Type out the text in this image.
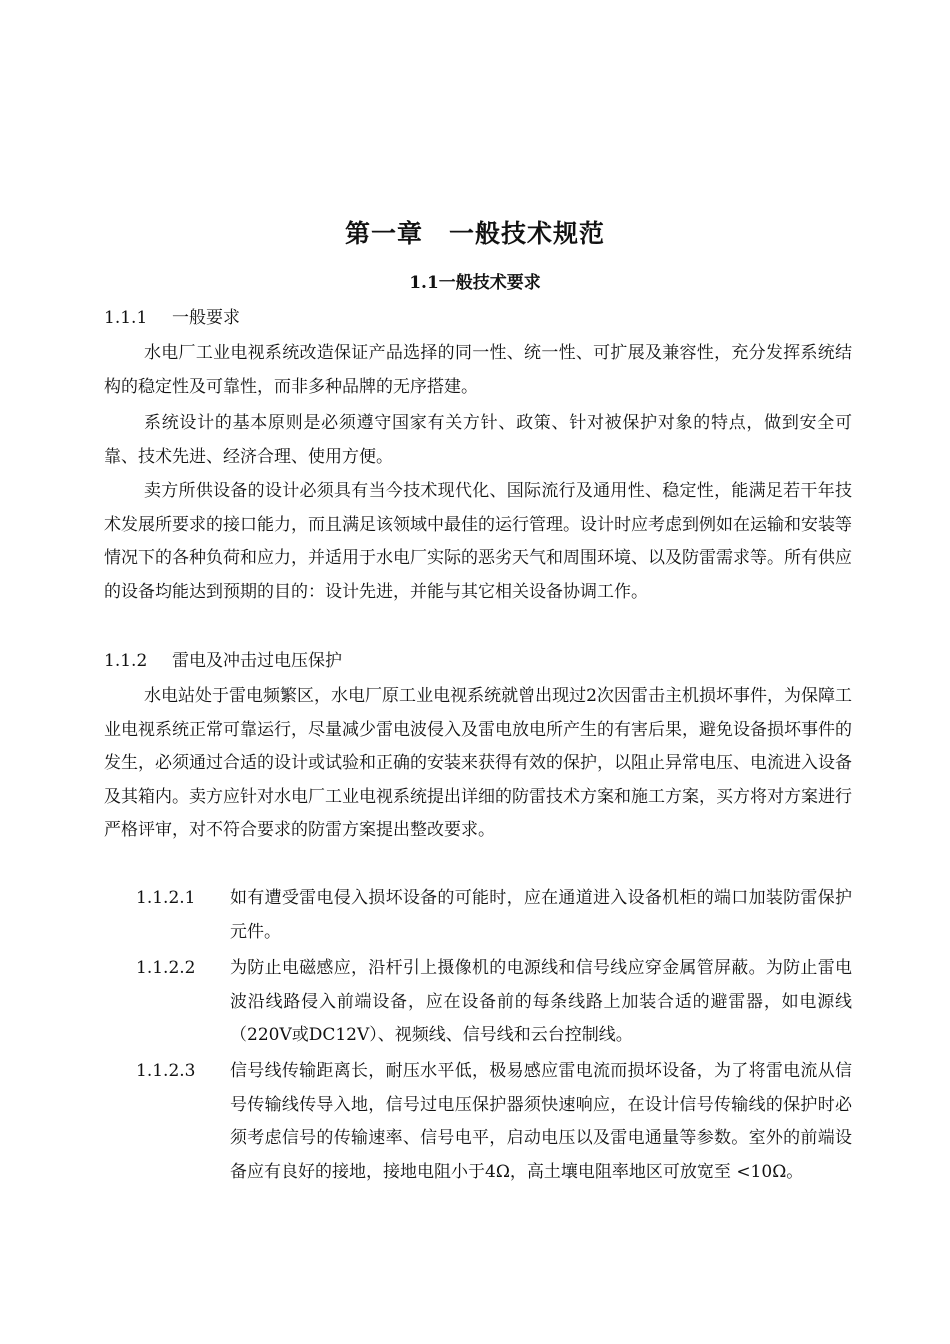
第一章　一般技术规范
1.1一般技术要求
1.1.1 一般要求

水电厂工业电视系统改造保证产品选择的同一性、统一性、可扩展及兼容性，充分发挥系统结构的稳定性及可靠性，而非多种品牌的无序搭建。

系统设计的基本原则是必须遵守国家有关方针、政策、针对被保护对象的特点，做到安全可靠、技术先进、经济合理、使用方便。

卖方所供设备的设计必须具有当今技术现代化、国际流行及通用性、稳定性，能满足若干年技术发展所要求的接口能力，而且满足该领域中最佳的运行管理。设计时应考虑到例如在运输和安装等情况下的各种负荷和应力，并适用于水电厂实际的恶劣天气和周围环境、以及防雷需求等。所有供应的设备均能达到预期的目的：设计先进，并能与其它相关设备协调工作。

1.1.2 雷电及冲击过电压保护

水电站处于雷电频繁区，水电厂原工业电视系统就曾出现过2次因雷击主机损坏事件，为保障工业电视系统正常可靠运行，尽量减少雷电波侵入及雷电放电所产生的有害后果，避免设备损坏事件的发生，必须通过合适的设计或试验和正确的安装来获得有效的保护，以阻止异常电压、电流进入设备及其箱内。卖方应针对水电厂工业电视系统提出详细的防雷技术方案和施工方案，买方将对方案进行严格评审，对不符合要求的防雷方案提出整改要求。

1.1.2.1	如有遭受雷电侵入损坏设备的可能时，应在通道进入设备机柜的端口加装防雷保护元件。
1.1.2.2	为防止电磁感应，沿杆引上摄像机的电源线和信号线应穿金属管屏蔽。为防止雷电波沿线路侵入前端设备，应在设备前的每条线路上加装合适的避雷器，如电源线（220V或DC12V）、视频线、信号线和云台控制线。
1.1.2.3	信号线传输距离长，耐压水平低，极易感应雷电流而损坏设备，为了将雷电流从信号传输线传导入地，信号过电压保护器须快速响应，在设计信号传输线的保护时必须考虑信号的传输速率、信号电平，启动电压以及雷电通量等参数。室外的前端设备应有良好的接地，接地电阻小于4Ω，高土壤电阻率地区可放宽至 <10Ω。
